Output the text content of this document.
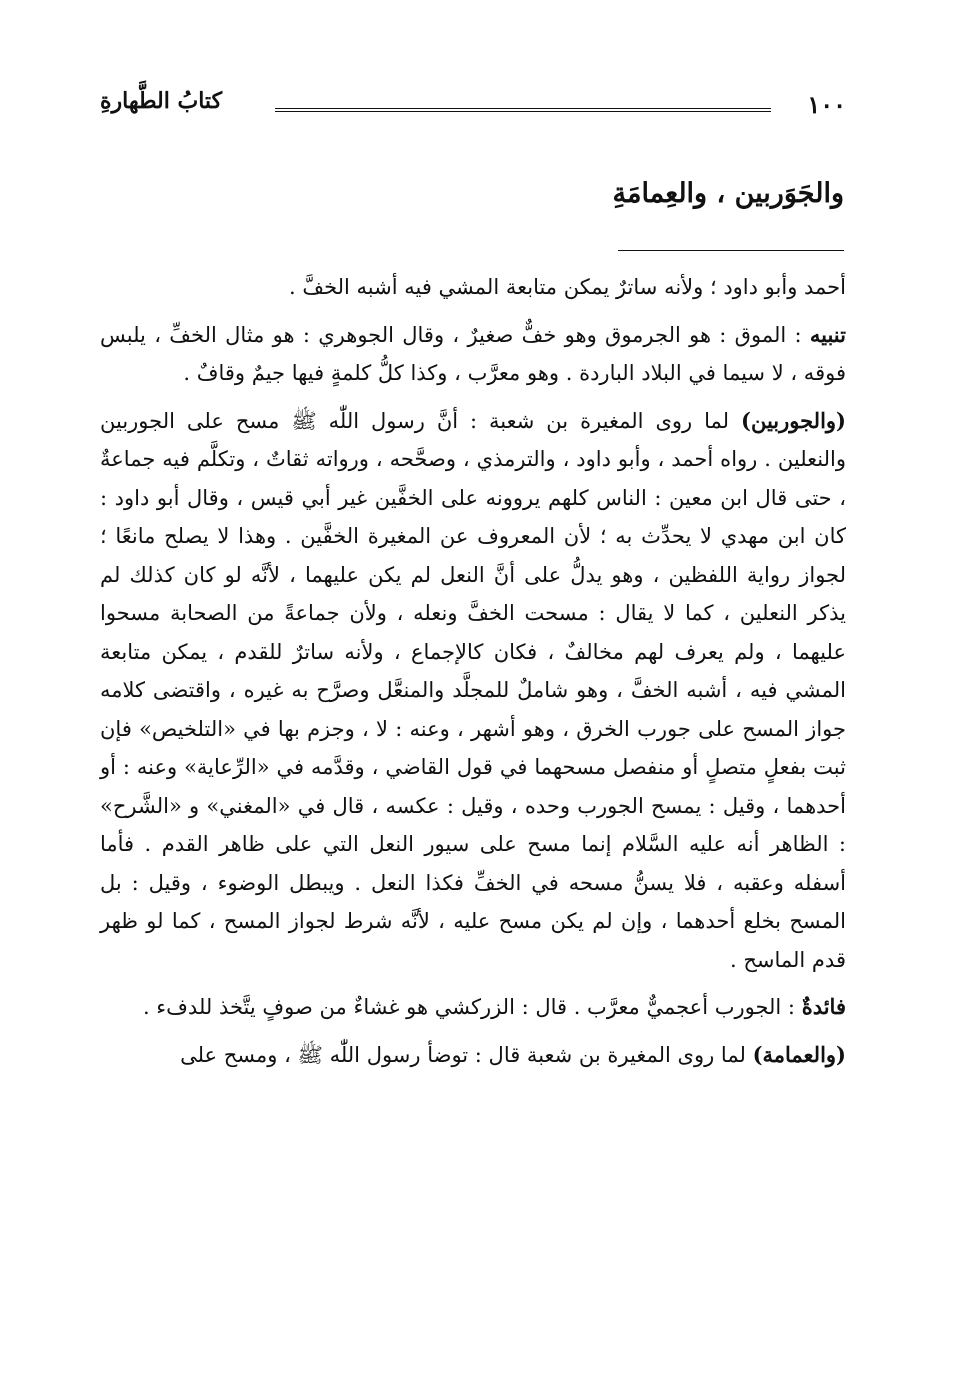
١٠٠
كتابُ الطَّهارةِ
والجَوَربين ، والعِمامَةِ

أحمد وأبو داود ؛ ولأنه ساترٌ يمكن متابعة المشي فيه أشبه الخفَّ .

تنبيه : الموق : هو الجرموق وهو خفٌّ صغيرٌ ، وقال الجوهري : هو مثال الخفِّ ، يلبس فوقه ، لا سيما في البلاد الباردة . وهو معرَّب ، وكذا كلُّ كلمةٍ فيها جيمٌ وقافٌ .

(والجوربين) لما روى المغيرة بن شعبة : أنَّ رسول اللّٰه ﷺ مسح على الجوربين والنعلين . رواه أحمد ، وأبو داود ، والترمذي ، وصحَّحه ، ورواته ثقاتٌ ، وتكلَّم فيه جماعةٌ ، حتى قال ابن معين : الناس كلهم يروونه على الخفَّين غير أبي قيس ، وقال أبو داود : كان ابن مهدي لا يحدِّث به ؛ لأن المعروف عن المغيرة الخفَّين . وهذا لا يصلح مانعًا ؛ لجواز رواية اللفظين ، وهو يدلُّ على أنَّ النعل لم يكن عليهما ، لأنَّه لو كان كذلك لم يذكر النعلين ، كما لا يقال : مسحت الخفَّ ونعله ، ولأن جماعةً من الصحابة مسحوا عليهما ، ولم يعرف لهم مخالفٌ ، فكان كالإجماع ، ولأنه ساترٌ للقدم ، يمكن متابعة المشي فيه ، أشبه الخفَّ ، وهو شاملٌ للمجلَّد والمنعَّل وصرَّح به غيره ، واقتضى كلامه جواز المسح على جورب الخرق ، وهو أشهر ، وعنه : لا ، وجزم بها في «التلخيص» فإن ثبت بفعلٍ متصلٍ أو منفصل مسحهما في قول القاضي ، وقدَّمه في «الرِّعاية» وعنه : أو أحدهما ، وقيل : يمسح الجورب وحده ، وقيل : عكسه ، قال في «المغني» و «الشَّرح» : الظاهر أنه عليه السَّلام إنما مسح على سيور النعل التي على ظاهر القدم . فأما أسفله وعقبه ، فلا يسنُّ مسحه في الخفِّ فكذا النعل . ويبطل الوضوء ، وقيل : بل المسح بخلع أحدهما ، وإن لم يكن مسح عليه ، لأنَّه شرط لجواز المسح ، كما لو ظهر قدم الماسح .

فائدةٌ : الجورب أعجميٌّ معرَّب . قال : الزركشي هو غشاءٌ من صوفٍ يتَّخذ للدفء .

(والعمامة) لما روى المغيرة بن شعبة قال : توضأ رسول اللّٰه ﷺ ، ومسح على
